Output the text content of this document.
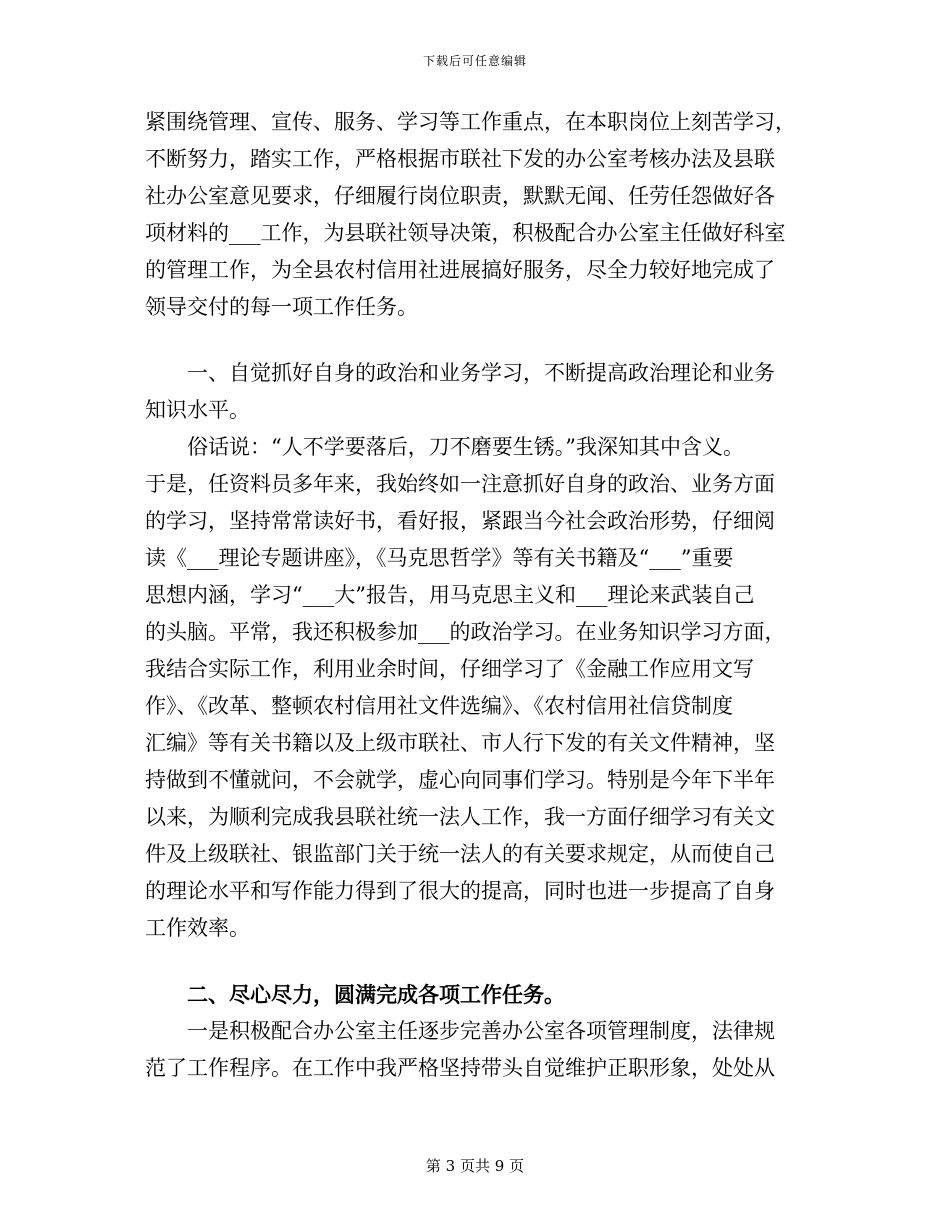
下载后可任意编辑
紧围绕管理、宣传、服务、学习等工作重点，在本职岗位上刻苦学习，
不断努力，踏实工作，严格根据市联社下发的办公室考核办法及县联
社办公室意见要求，仔细履行岗位职责，默默无闻、任劳任怨做好各
项材料的___工作，为县联社领导决策，积极配合办公室主任做好科室
的管理工作，为全县农村信用社进展搞好服务，尽全力较好地完成了
领导交付的每一项工作任务。
一、自觉抓好自身的政治和业务学习，不断提高政治理论和业务
知识水平。
俗话说：“人不学要落后，刀不磨要生锈。”我深知其中含义。
于是，任资料员多年来，我始终如一注意抓好自身的政治、业务方面
的学习，坚持常常读好书，看好报，紧跟当今社会政治形势，仔细阅
读《___理论专题讲座》，《马克思哲学》等有关书籍及“___”重要
思想内涵，学习“___大”报告，用马克思主义和___理论来武装自己
的头脑。平常，我还积极参加___的政治学习。在业务知识学习方面，
我结合实际工作，利用业余时间，仔细学习了《金融工作应用文写
作》、《改革、整顿农村信用社文件选编》、《农村信用社信贷制度
汇编》等有关书籍以及上级市联社、市人行下发的有关文件精神，坚
持做到不懂就问，不会就学，虚心向同事们学习。特别是今年下半年
以来，为顺利完成我县联社统一法人工作，我一方面仔细学习有关文
件及上级联社、银监部门关于统一法人的有关要求规定，从而使自己
的理论水平和写作能力得到了很大的提高，同时也进一步提高了自身
工作效率。
二、尽心尽力，圆满完成各项工作任务。
一是积极配合办公室主任逐步完善办公室各项管理制度，法律规
范了工作程序。在工作中我严格坚持带头自觉维护正职形象，处处从
第 3 页共 9 页
